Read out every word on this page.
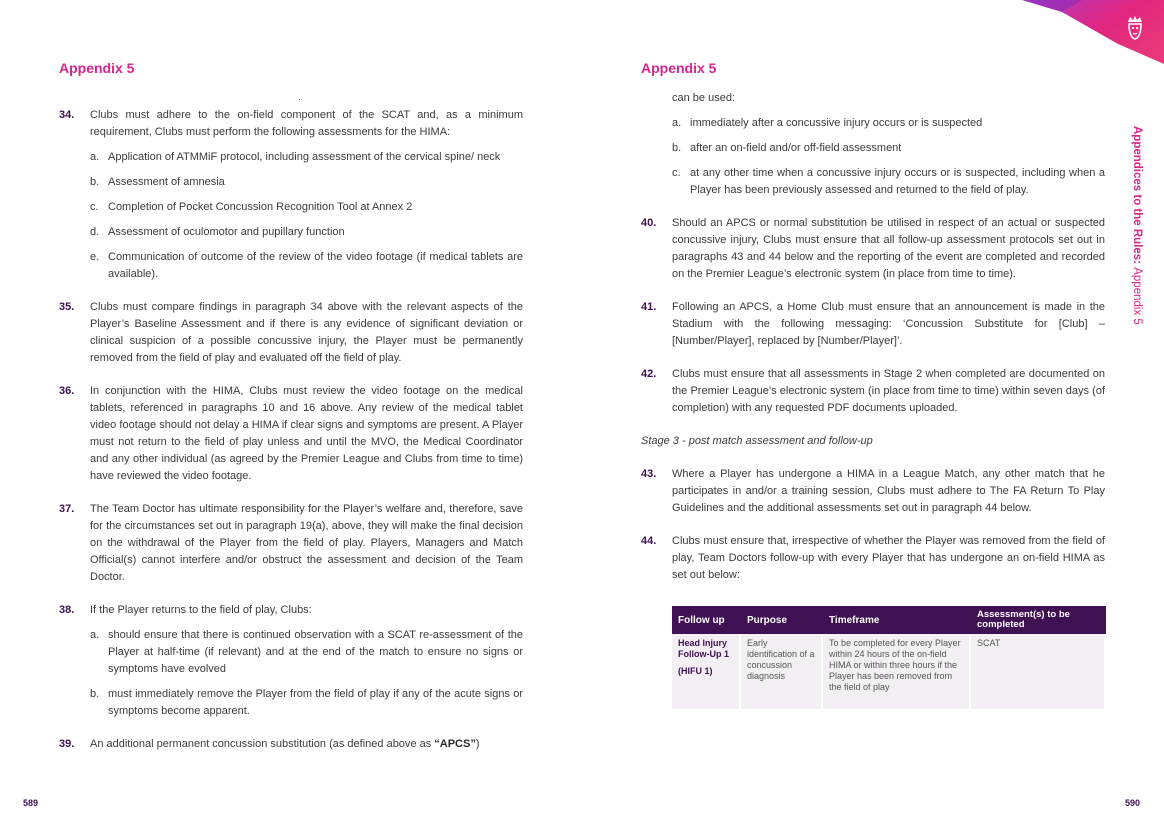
Appendix 5	Appendix 5
34. Clubs must adhere to the on-field component of the SCAT and, as a minimum requirement, Clubs must perform the following assessments for the HIMA:

a. Application of ATMMiF protocol, including assessment of the cervical spine/ neck

b. Assessment of amnesia

c. Completion of Pocket Concussion Recognition Tool at Annex 2

d. Assessment of oculomotor and pupillary function

e. Communication of outcome of the review of the video footage (if medical tablets are available).

35. Clubs must compare findings in paragraph 34 above with the relevant aspects of the Player’s Baseline Assessment and if there is any evidence of significant deviation or clinical suspicion of a possible concussive injury, the Player must be permanently removed from the field of play and evaluated off the field of play.

36. In conjunction with the HIMA, Clubs must review the video footage on the medical tablets, referenced in paragraphs 10 and 16 above. Any review of the medical tablet video footage should not delay a HIMA if clear signs and symptoms are present. A Player must not return to the field of play unless and until the MVO, the Medical Coordinator and any other individual (as agreed by the Premier League and Clubs from time to time) have reviewed the video footage.

37. The Team Doctor has ultimate responsibility for the Player’s welfare and, therefore, save for the circumstances set out in paragraph 19(a), above, they will make the final decision on the withdrawal of the Player from the field of play. Players, Managers and Match Official(s) cannot interfere and/or obstruct the assessment and decision of the Team Doctor.

38. If the Player returns to the field of play, Clubs:

a. should ensure that there is continued observation with a SCAT re-assessment of the Player at half-time (if relevant) and at the end of the match to ensure no signs or symptoms have evolved

b. must immediately remove the Player from the field of play if any of the acute signs or symptoms become apparent.

39. An additional permanent concussion substitution (as defined above as “APCS”)

can be used:

a. immediately after a concussive injury occurs or is suspected

b. after an on-field and/or off-field assessment

c. at any other time when a concussive injury occurs or is suspected, including when a Player has been previously assessed and returned to the field of play.

40. Should an APCS or normal substitution be utilised in respect of an actual or suspected concussive injury, Clubs must ensure that all follow-up assessment protocols set out in paragraphs 43 and 44 below and the reporting of the event are completed and recorded on the Premier League’s electronic system (in place from time to time).

41. Following an APCS, a Home Club must ensure that an announcement is made in the Stadium with the following messaging: ‘Concussion Substitute for [Club] – [Number/Player], replaced by [Number/Player]’.

42. Clubs must ensure that all assessments in Stage 2 when completed are documented on the Premier League’s electronic system (in place from time to time) within seven days (of completion) with any requested PDF documents uploaded.

Stage 3 - post match assessment and follow-up

43. Where a Player has undergone a HIMA in a League Match, any other match that he participates in and/or a training session, Clubs must adhere to The FA Return To Play Guidelines and the additional assessments set out in paragraph 44 below.

44. Clubs must ensure that, irrespective of whether the Player was removed from the field of play, Team Doctors follow-up with every Player that has undergone an on-field HIMA as set out below:

Follow up	Purpose	Timeframe	Assessment(s) to be completed

Head Injury Follow-Up 1
(HIFU 1)	Early identification of a concussion diagnosis	To be completed for every Player within 24 hours of the on-field HIMA or within three hours if the Player has been removed from the field of play	SCAT
Appendices to the Rules: Appendix 5
589	590
